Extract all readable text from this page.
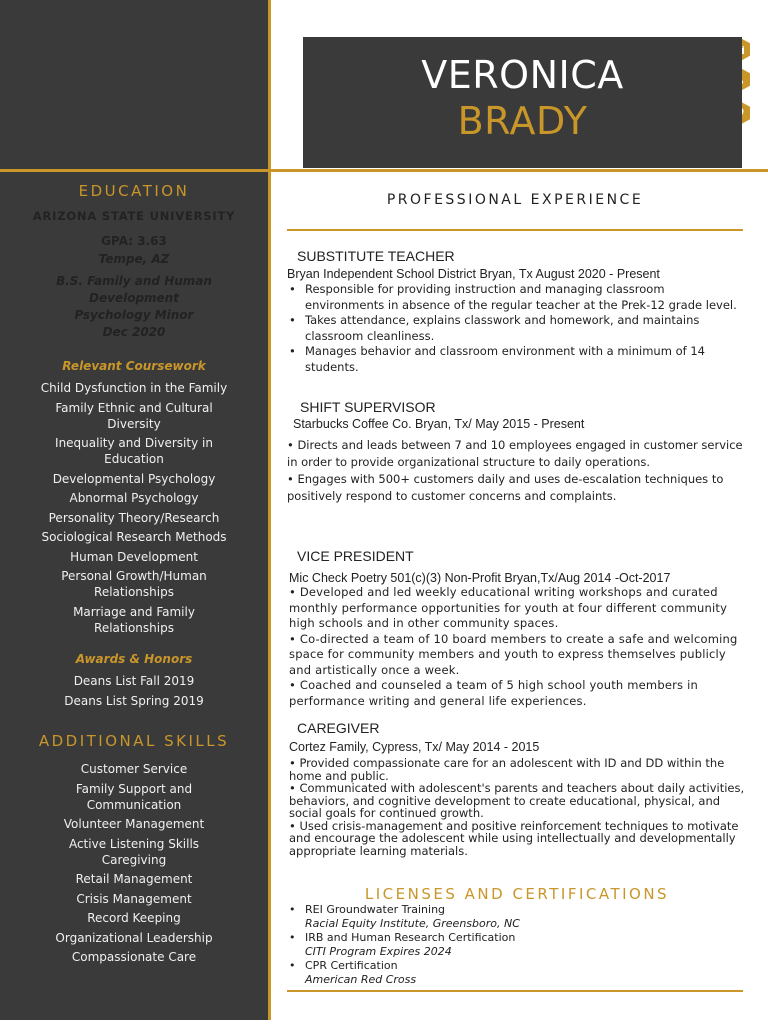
VERONICA
BRADY
EDUCATION
ARIZONA STATE UNIVERSITY
GPA: 3.63
Tempe, AZ
B.S. Family and Human
Development
Psychology Minor
Dec 2020
Relevant Coursework
Child Dysfunction in the Family
Family Ethnic and Cultural Diversity
Inequality and Diversity in Education
Developmental Psychology
Abnormal Psychology
Personality Theory/Research
Sociological Research Methods
Human Development
Personal Growth/Human Relationships
Marriage and Family Relationships
Awards & Honors
Deans List Fall 2019
Deans List Spring 2019
ADDITIONAL SKILLS
Customer Service
Family Support and Communication
Volunteer Management
Active Listening Skills
Caregiving
Retail Management
Crisis Management
Record Keeping
Organizational Leadership
Compassionate Care
PROFESSIONAL EXPERIENCE
SUBSTITUTE TEACHER
Bryan Independent School District Bryan, Tx August 2020 - Present
• Responsible for providing instruction and managing classroom environments in absence of the regular teacher at the Prek-12 grade level.
• Takes attendance, explains classwork and homework, and maintains classroom cleanliness.
• Manages behavior and classroom environment with a minimum of 14 students.
SHIFT SUPERVISOR
Starbucks Coffee Co. Bryan, Tx/ May 2015 - Present
• Directs and leads between 7 and 10 employees engaged in customer service in order to provide organizational structure to daily operations.
• Engages with 500+ customers daily and uses de-escalation techniques to positively respond to customer concerns and complaints.
VICE PRESIDENT
Mic Check Poetry 501(c)(3) Non-Profit Bryan,Tx/Aug 2014 -Oct-2017
• Developed and led weekly educational writing workshops and curated monthly performance opportunities for youth at four different community high schools and in other community spaces.
• Co-directed a team of 10 board members to create a safe and welcoming space for community members and youth to express themselves publicly and artistically once a week.
• Coached and counseled a team of 5 high school youth members in performance writing and general life experiences.
CAREGIVER
Cortez Family, Cypress, Tx/ May 2014 - 2015
• Provided compassionate care for an adolescent with ID and DD within the home and public.
• Communicated with adolescent's parents and teachers about daily activities, behaviors, and cognitive development to create educational, physical, and social goals for continued growth.
• Used crisis-management and positive reinforcement techniques to motivate and encourage the adolescent while using intellectually and developmentally appropriate learning materials.
LICENSES AND CERTIFICATIONS
• REI Groundwater Training
Racial Equity Institute, Greensboro, NC
• IRB and Human Research Certification
CITI Program Expires 2024
• CPR Certification
American Red Cross
